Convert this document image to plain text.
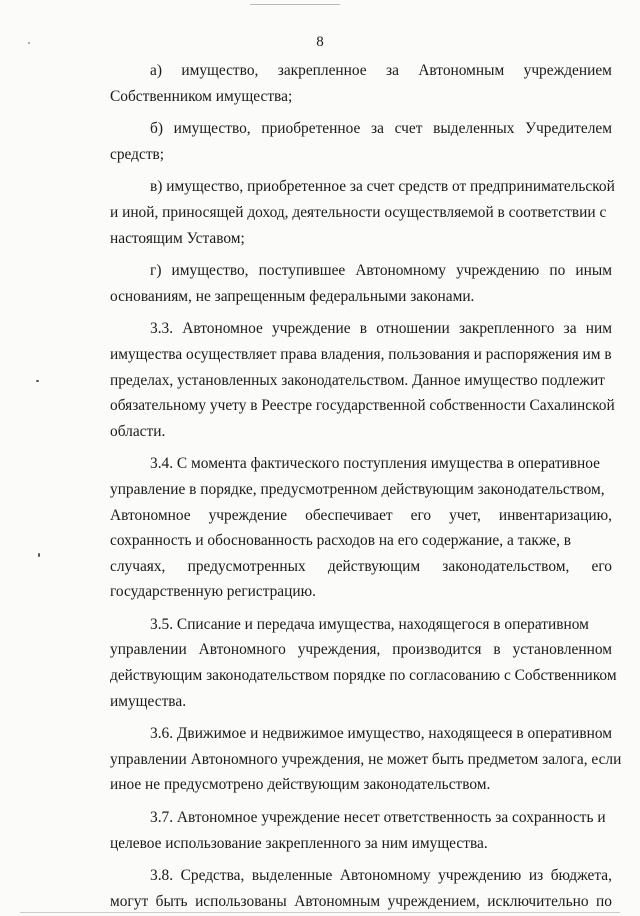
8
а) имущество, закрепленное за Автономным учреждением
Собственником имущества;
б) имущество, приобретенное за счет выделенных Учредителем
средств;
в) имущество, приобретенное за счет средств от предпринимательской
и иной, приносящей доход, деятельности осуществляемой в соответствии с
настоящим Уставом;
г) имущество, поступившее Автономному учреждению по иным
основаниям, не запрещенным федеральными законами.
3.3. Автономное учреждение в отношении закрепленного за ним
имущества осуществляет права владения, пользования и распоряжения им в
пределах, установленных законодательством. Данное имущество подлежит
обязательному учету в Реестре государственной собственности Сахалинской
области.
3.4. С момента фактического поступления имущества в оперативное
управление в порядке, предусмотренном действующим законодательством,
Автономное учреждение обеспечивает его учет, инвентаризацию,
сохранность и обоснованность расходов на его содержание, а также, в
случаях, предусмотренных действующим законодательством, его
государственную регистрацию.
3.5. Списание и передача имущества, находящегося в оперативном
управлении Автономного учреждения, производится в установленном
действующим законодательством порядке по согласованию с Собственником
имущества.
3.6. Движимое и недвижимое имущество, находящееся в оперативном
управлении Автономного учреждения, не может быть предметом залога, если
иное не предусмотрено действующим законодательством.
3.7. Автономное учреждение несет ответственность за сохранность и
целевое использование закрепленного за ним имущества.
3.8. Средства, выделенные Автономному учреждению из бюджета,
могут быть использованы Автономным учреждением, исключительно по
